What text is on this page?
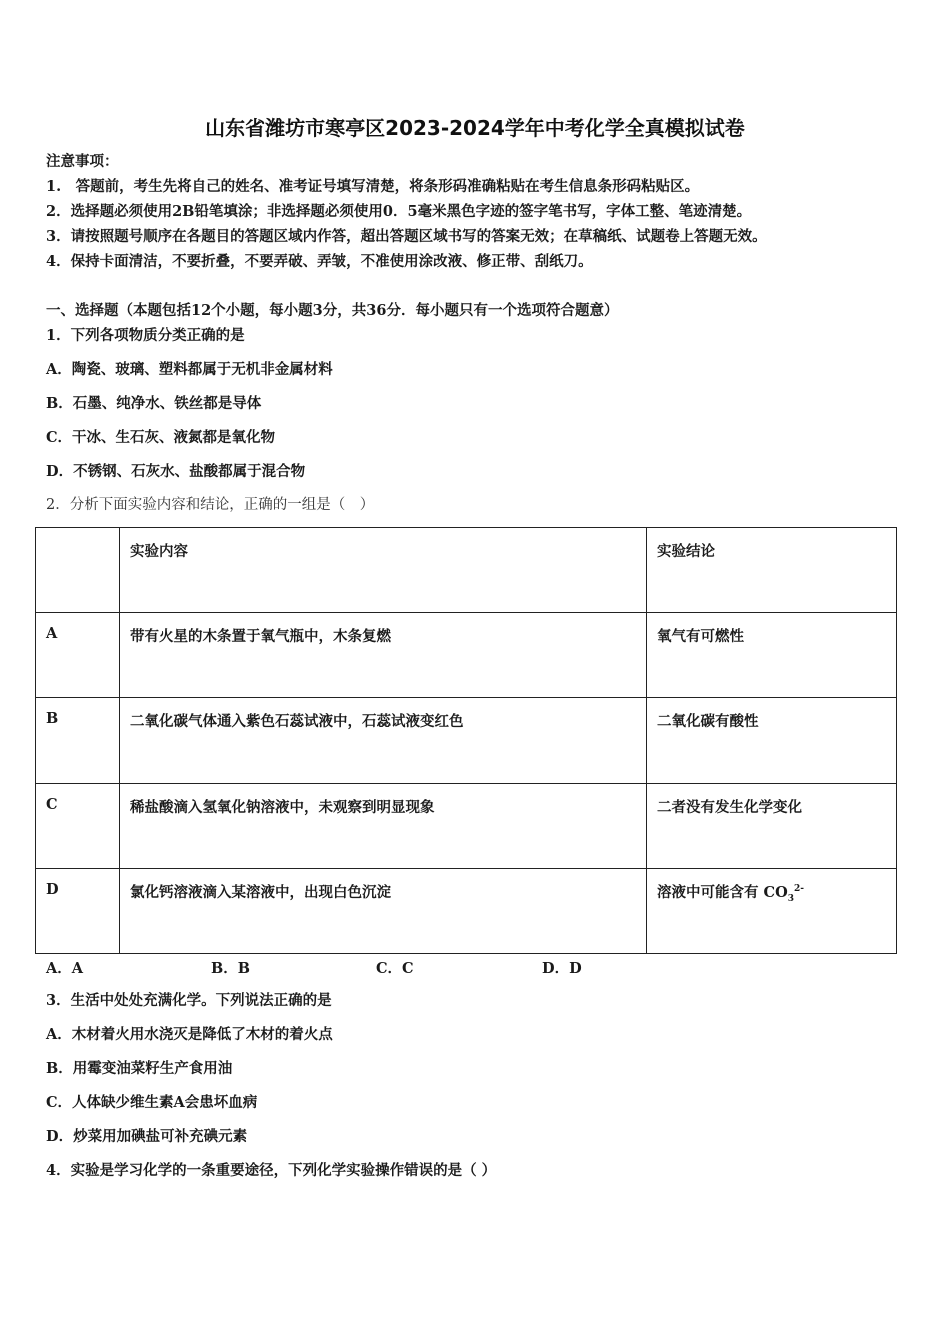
山东省潍坊市寒亭区2023-2024学年中考化学全真模拟试卷
注意事项：
1.　答题前，考生先将自己的姓名、准考证号填写清楚，将条形码准确粘贴在考生信息条形码粘贴区。
2．选择题必须使用2B铅笔填涂；非选择题必须使用0．5毫米黑色字迹的签字笔书写，字体工整、笔迹清楚。
3．请按照题号顺序在各题目的答题区域内作答，超出答题区域书写的答案无效；在草稿纸、试题卷上答题无效。
4．保持卡面清洁，不要折叠，不要弄破、弄皱，不准使用涂改液、修正带、刮纸刀。
一、选择题（本题包括12个小题，每小题3分，共36分．每小题只有一个选项符合题意）
1．下列各项物质分类正确的是
A．陶瓷、玻璃、塑料都属于无机非金属材料
B．石墨、纯净水、铁丝都是导体
C．干冰、生石灰、液氮都是氧化物
D．不锈钢、石灰水、盐酸都属于混合物
2．分析下面实验内容和结论，正确的一组是（　）
	实验内容	实验结论
A	带有火星的木条置于氧气瓶中，木条复燃	氧气有可燃性
B	二氧化碳气体通入紫色石蕊试液中，石蕊试液变红色	二氧化碳有酸性
C	稀盐酸滴入氢氧化钠溶液中，未观察到明显现象	二者没有发生化学变化
D	氯化钙溶液滴入某溶液中，出现白色沉淀	溶液中可能含有 $CO_3^{2-}$
A．A	B．B	C．C	D．D
3．生活中处处充满化学。下列说法正确的是
A．木材着火用水浇灭是降低了木材的着火点
B．用霉变油菜籽生产食用油
C．人体缺少维生素A会患坏血病
D．炒菜用加碘盐可补充碘元素
4．实验是学习化学的一条重要途径，下列化学实验操作错误的是（ ）
